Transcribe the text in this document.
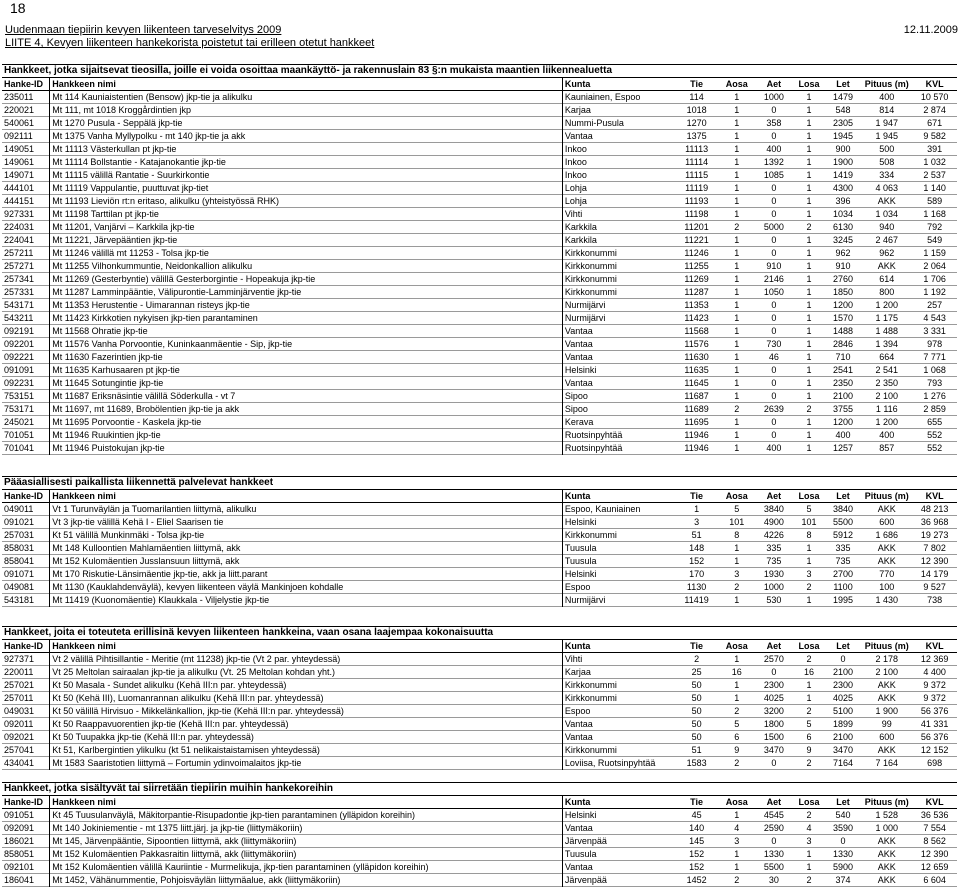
18
Uudenmaan tiepiirin kevyen liikenteen tarveselvitys 2009	12.11.2009
LIITE 4, Kevyen liikenteen hankekorista poistetut tai erilleen otetut hankkeet
Hankkeet, jotka sijaitsevat tieosilla, joille ei voida osoittaa maankäyttö- ja rakennuslain 83 §:n mukaista maantien liikennealuetta
Hanke-ID	Hankkeen nimi	Kunta	Tie	Aosa	Aet	Losa	Let	Pituus (m)	KVL
235011	Mt 114 Kauniaistentien (Bensow) jkp-tie ja alikulku	Kauniainen, Espoo	114	1	1000	1	1479	400	10 570
220021	Mt 111, mt 1018 Kroggårdintien jkp	Karjaa	1018	1	0	1	548	814	2 874
540061	Mt 1270 Pusula - Seppälä jkp-tie	Nummi-Pusula	1270	1	358	1	2305	1 947	671
092111	Mt 1375 Vanha Myllypolku - mt 140 jkp-tie ja akk	Vantaa	1375	1	0	1	1945	1 945	9 582
149051	Mt 11113 Västerkullan pt jkp-tie	Inkoo	11113	1	400	1	900	500	391
149061	Mt 11114 Bollstantie - Katajanokantie jkp-tie	Inkoo	11114	1	1392	1	1900	508	1 032
149071	Mt 11115 välillä Rantatie - Suurkirkontie	Inkoo	11115	1	1085	1	1419	334	2 537
444101	Mt 11119 Vappulantie, puuttuvat jkp-tiet	Lohja	11119	1	0	1	4300	4 063	1 140
444151	Mt 11193 Lieviön rt:n eritaso, alikulku (yhteistyössä RHK)	Lohja	11193	1	0	1	396	AKK	589
927331	Mt 11198 Tarttilan pt jkp-tie	Vihti	11198	1	0	1	1034	1 034	1 168
224031	Mt 11201, Vanjärvi – Karkkila jkp-tie	Karkkila	11201	2	5000	2	6130	940	792
224041	Mt 11221, Järvepääntien jkp-tie	Karkkila	11221	1	0	1	3245	2 467	549
257211	Mt 11246 välillä mt 11253 - Tolsa jkp-tie	Kirkkonummi	11246	1	0	1	962	962	1 159
257271	Mt 11255 Vilhonkummuntie, Neidonkallion alikulku	Kirkkonummi	11255	1	910	1	910	AKK	2 064
257341	Mt 11269 (Gesterbyntie) välillä Gesterborgintie - Hopeakuja jkp-tie	Kirkkonummi	11269	1	2146	1	2760	614	1 706
257331	Mt 11287 Lamminpääntie, Välipurontie-Lamminjärventie jkp-tie	Kirkkonummi	11287	1	1050	1	1850	800	1 192
543171	Mt 11353 Herustentie - Uimarannan risteys jkp-tie	Nurmijärvi	11353	1	0	1	1200	1 200	257
543211	Mt 11423 Kirkkotien nykyisen jkp-tien parantaminen	Nurmijärvi	11423	1	0	1	1570	1 175	4 543
092191	Mt 11568 Ohratie jkp-tie	Vantaa	11568	1	0	1	1488	1 488	3 331
092201	Mt 11576 Vanha Porvoontie, Kuninkaanmäentie - Sip, jkp-tie	Vantaa	11576	1	730	1	2846	1 394	978
092221	Mt 11630 Fazerintien jkp-tie	Vantaa	11630	1	46	1	710	664	7 771
091091	Mt 11635 Karhusaaren pt jkp-tie	Helsinki	11635	1	0	1	2541	2 541	1 068
092231	Mt 11645 Sotungintie jkp-tie	Vantaa	11645	1	0	1	2350	2 350	793
753151	Mt 11687 Eriksnäsintie välillä Söderkulla - vt 7	Sipoo	11687	1	0	1	2100	2 100	1 276
753171	Mt 11697, mt 11689, Brobölentien jkp-tie ja akk	Sipoo	11689	2	2639	2	3755	1 116	2 859
245021	Mt 11695 Porvoontie - Kaskela jkp-tie	Kerava	11695	1	0	1	1200	1 200	655
701051	Mt 11946 Ruukintien jkp-tie	Ruotsinpyhtää	11946	1	0	1	400	400	552
701041	Mt 11946 Puistokujan jkp-tie	Ruotsinpyhtää	11946	1	400	1	1257	857	552
Pääasiallisesti paikallista liikennettä palvelevat hankkeet
Hanke-ID	Hankkeen nimi	Kunta	Tie	Aosa	Aet	Losa	Let	Pituus (m)	KVL
049011	Vt 1 Turunväylän ja Tuomarilantien liittymä, alikulku	Espoo, Kauniainen	1	5	3840	5	3840	AKK	48 213
091021	Vt 3 jkp-tie välillä Kehä I - Eliel Saarisen tie	Helsinki	3	101	4900	101	5500	600	36 968
257031	Kt 51 välillä Munkinmäki - Tolsa jkp-tie	Kirkkonummi	51	8	4226	8	5912	1 686	19 273
858031	Mt 148 Kulloontien Mahlamäentien liittymä, akk	Tuusula	148	1	335	1	335	AKK	7 802
858041	Mt 152 Kulomäentien Jusslansuun liittymä, akk	Tuusula	152	1	735	1	735	AKK	12 390
091071	Mt 170 Riskutie-Länsimäentie jkp-tie, akk ja liitt.parant	Helsinki	170	3	1930	3	2700	770	14 179
049081	Mt 1130 (Kauklahdenväylä), kevyen liikenteen väylä Mankinjoen kohdalle	Espoo	1130	2	1000	2	1100	100	9 527
543181	Mt 11419 (Kuonomäentie) Klaukkala - Viljelystie jkp-tie	Nurmijärvi	11419	1	530	1	1995	1 430	738
Hankkeet, joita ei toteuteta erillisinä kevyen liikenteen hankkeina, vaan osana laajempaa kokonaisuutta
Hanke-ID	Hankkeen nimi	Kunta	Tie	Aosa	Aet	Losa	Let	Pituus (m)	KVL
927371	Vt 2 välillä Pihtisillantie - Meritie (mt 11238) jkp-tie (Vt 2 par. yhteydessä)	Vihti	2	1	2570	2	0	2 178	12 369
220011	Vt 25 Meltolan sairaalan jkp-tie ja alikulku (Vt. 25 Meltolan kohdan yht.)	Karjaa	25	16	0	16	2100	2 100	4 400
257021	Kt 50 Masala - Sundet alikulku (Kehä III:n par. yhteydessä)	Kirkkonummi	50	1	2300	1	2300	AKK	9 372
257011	Kt 50 (Kehä III), Luomanrannan alikulku (Kehä III:n par. yhteydessä)	Kirkkonummi	50	1	4025	1	4025	AKK	9 372
049031	Kt 50 välillä Hirvisuo - Mikkelänkallion, jkp-tie (Kehä III:n par. yhteydessä)	Espoo	50	2	3200	2	5100	1 900	56 376
092011	Kt 50 Raappavuorentien jkp-tie (Kehä III:n par. yhteydessä)	Vantaa	50	5	1800	5	1899	99	41 331
092021	Kt 50 Tuupakka jkp-tie (Kehä III:n par. yhteydessä)	Vantaa	50	6	1500	6	2100	600	56 376
257041	Kt 51, Karlbergintien ylikulku (kt 51 nelikaistaistamisen yhteydessä)	Kirkkonummi	51	9	3470	9	3470	AKK	12 152
434041	Mt 1583 Saaristotien liittymä – Fortumin ydinvoimalaitos jkp-tie	Loviisa, Ruotsinpyhtää	1583	2	0	2	7164	7 164	698
Hankkeet, jotka sisältyvät tai siirretään tiepiirin muihin hankekoreihin
Hanke-ID	Hankkeen nimi	Kunta	Tie	Aosa	Aet	Losa	Let	Pituus (m)	KVL
091051	Kt 45 Tuusulanväylä, Mäkitorpantie-Risupadontie jkp-tien parantaminen (ylläpidon koreihin)	Helsinki	45	1	4545	2	540	1 528	36 536
092091	Mt 140 Jokiniementie - mt 1375 liitt.järj. ja jkp-tie (liittymäkoriin)	Vantaa	140	4	2590	4	3590	1 000	7 554
186021	Mt 145, Järvenpääntie, Sipoontien liittymä, akk (liittymäkoriin)	Järvenpää	145	3	0	3	0	AKK	8 562
858051	Mt 152 Kulomäentien Pakkasraitin liittymä, akk (liittymäkoriin)	Tuusula	152	1	1330	1	1330	AKK	12 390
092101	Mt 152 Kulomäentien välillä Kauriintie - Murmelikuja, jkp-tien parantaminen (ylläpidon koreihin)	Vantaa	152	1	5500	1	5900	AKK	12 659
186041	Mt 1452, Vähänummentie, Pohjoisväylän liittymäalue, akk (liittymäkoriin)	Järvenpää	1452	2	30	2	374	AKK	6 604
